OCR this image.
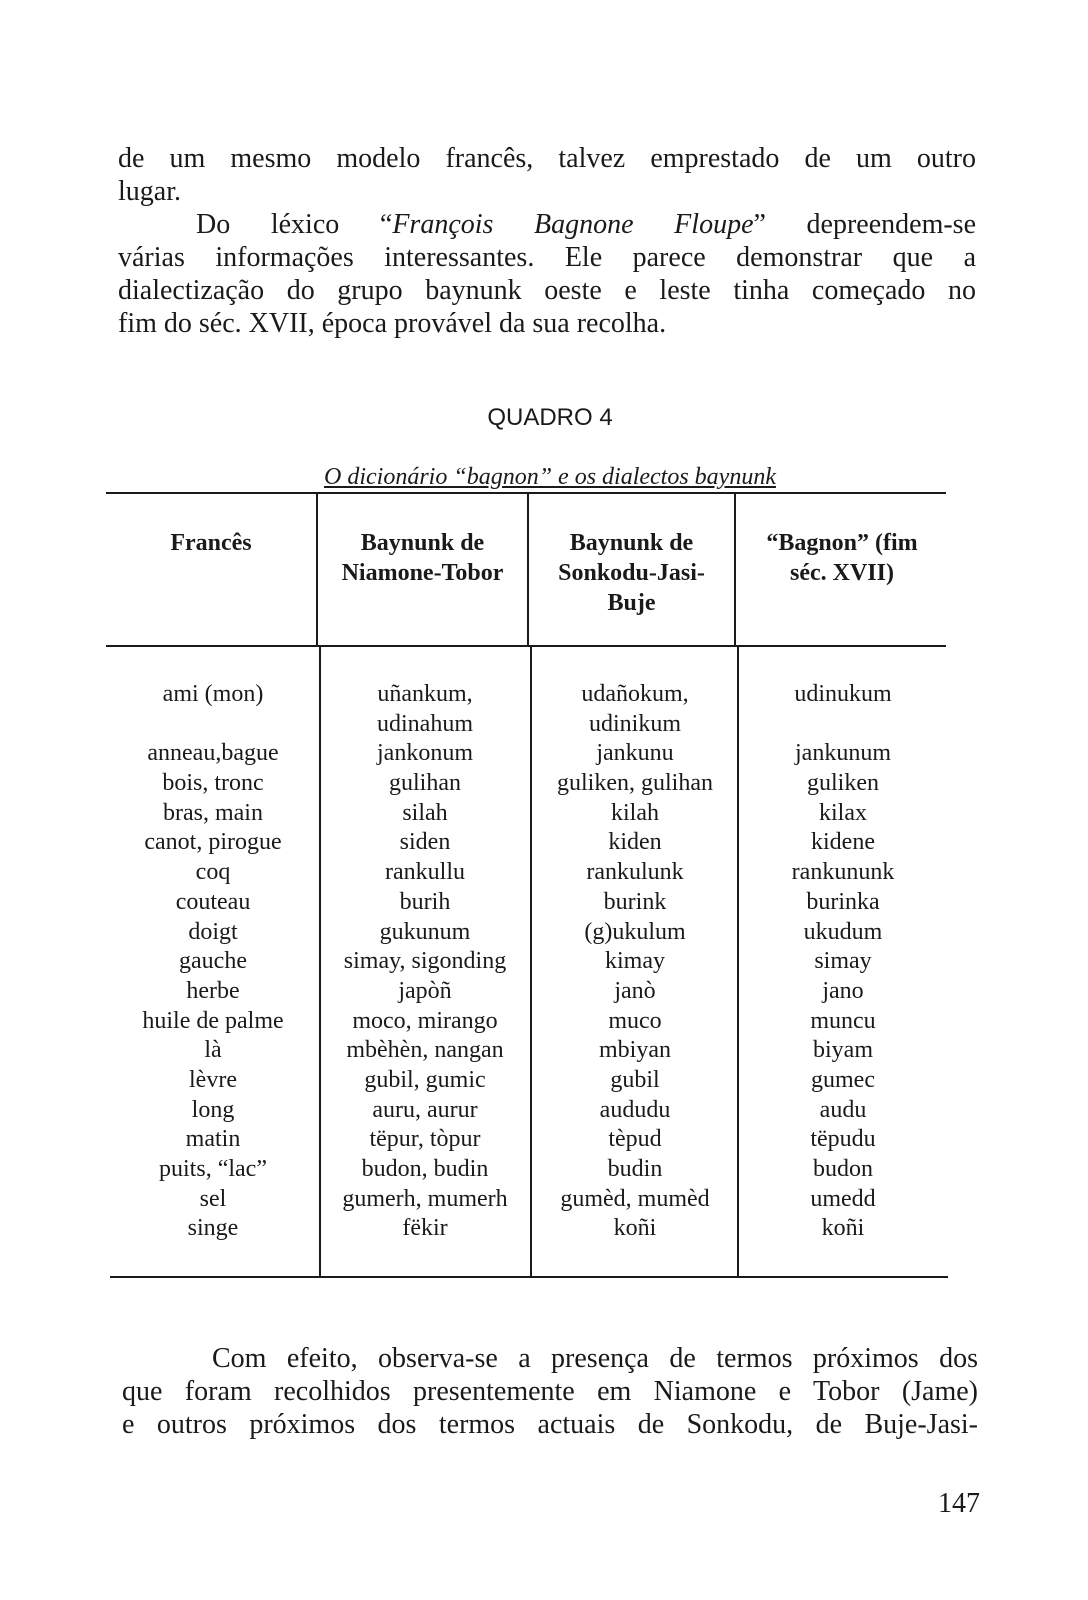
de um mesmo modelo francês, talvez emprestado de um outro
lugar.
Do léxico “François Bagnone Floupe” depreendem-se
várias informações interessantes. Ele parece demonstrar que a
dialectização do grupo baynunk oeste e leste tinha começado no
fim do séc. XVII, época provável da sua recolha.
QUADRO 4
O dicionário “bagnon” e os dialectos baynunk
Francês	Baynunk de
Niamone-Tobor
Baynunk de
Sonkodu-Jasi-
Buje
“Bagnon” (fim
séc. XVII)
ami (mon)
anneau,bague
bois, tronc
bras, main
canot, pirogue
coq
couteau
doigt
gauche
herbe
huile de palme
là
lèvre
long
matin
puits, “lac”
sel
singe
uñankum,
udinahum
jankonum
gulihan
silah
siden
rankullu
burih
gukunum
simay, sigonding
japòñ
moco, mirango
mbèhèn, nangan
gubil, gumic
auru, aurur
tëpur, tòpur
budon, budin
gumerh, mumerh
fëkir
udañokum,
udinikum
jankunu
guliken, gulihan
kilah
kiden
rankulunk
burink
(g)ukulum
kimay
janò
muco
mbiyan
gubil
aududu
tèpud
budin
gumèd, mumèd
koñi
udinukum
jankunum
guliken
kilax
kidene
rankununk
burinka
ukudum
simay
jano
muncu
biyam
gumec
audu
tëpudu
budon
umedd
koñi
Com efeito, observa-se a presença de termos próximos dos
que foram recolhidos presentemente em Niamone e Tobor (Jame)
e outros próximos dos termos actuais de Sonkodu, de Buje-Jasi-
147
